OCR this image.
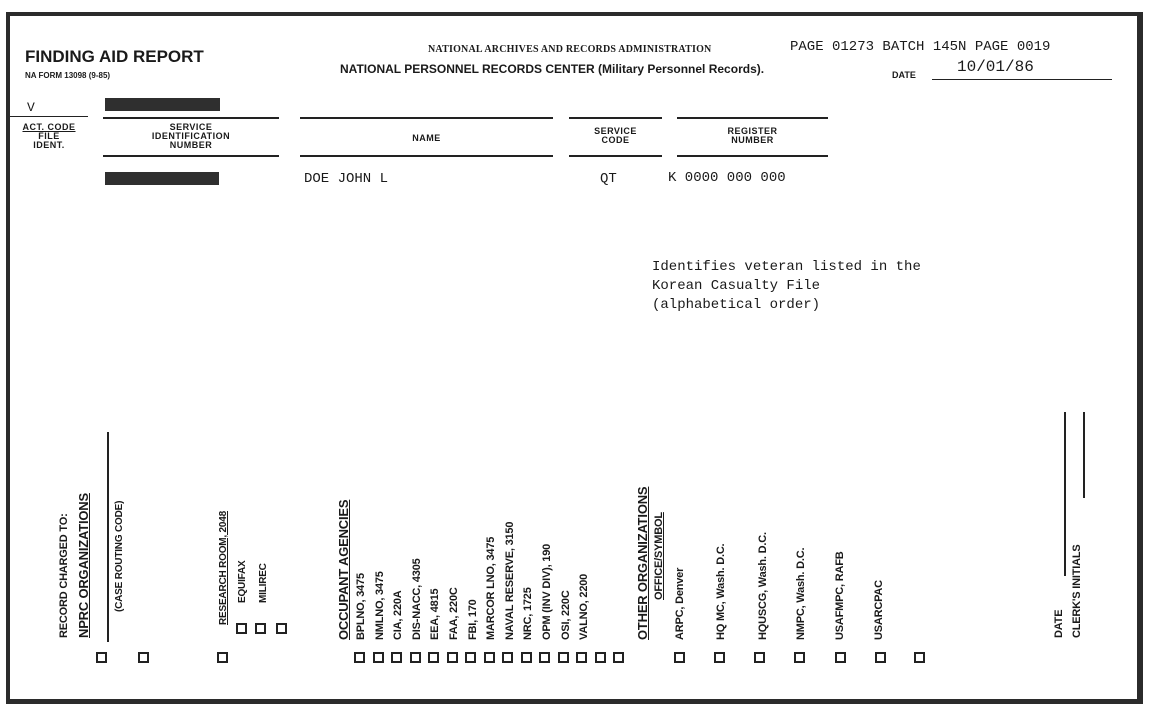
FINDING AID REPORT
NA FORM 13098 (9-85)
NATIONAL ARCHIVES AND RECORDS ADMINISTRATION
NATIONAL PERSONNEL RECORDS CENTER (Military Personnel Records).
PAGE 01273 BATCH 145N PAGE 0019
DATE	10/01/86
V
ACT. CODE
FILE
IDENT.
SERVICE
IDENTIFICATION
NUMBER
NAME
SERVICE
CODE
REGISTER
NUMBER
DOE JOHN L	QT	K 0000 000 000
Identifies veteran listed in the
Korean Casualty File
(alphabetical order)
RECORD CHARGED TO: NPRC ORGANIZATIONS (CASE ROUTING CODE)	RESEARCH ROOM, 2048 EQUIFAX MILIREC	OCCUPANT AGENCIES BPLNO, 3475 NMLNO, 3475 CIA, 220A DIS-NACC, 4305 EEA, 4815 FAA, 220C FBI, 170 MARCOR LNO, 3475 NAVAL RESERVE, 3150 NRC, 1725 OPM (INV DIV), 190 OSI, 220C VALNO, 2200	OTHER ORGANIZATIONS OFFICE/SYMBOL
ARPC, Denver	HQ MC, Wash. D.C.	HQUSCG, Wash. D.C. NMPC, Wash. D.C. USAFMPC, RAFB USARCPAC	DATE CLERK'S INITIALS
